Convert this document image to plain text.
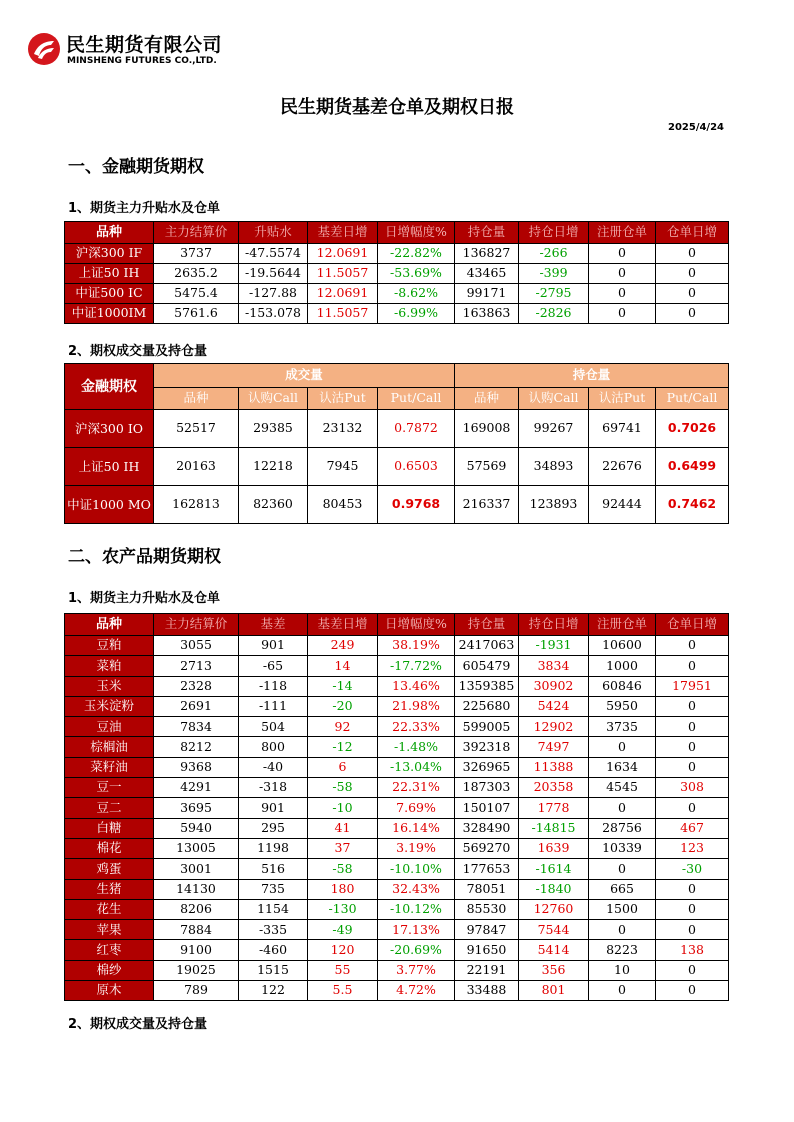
民生期货有限公司
MINSHENG FUTURES CO.,LTD.
民生期货基差仓单及期权日报
2025/4/24
一、金融期货期权
1、期货主力升贴水及仓单
品种	主力结算价	升贴水	基差日增	日增幅度%	持仓量	持仓日增	注册仓单	仓单日增
沪深300 IF	3737	-47.5574	12.0691	-22.82%	136827	-266	0	0
上证50 IH	2635.2	-19.5644	11.5057	-53.69%	43465	-399	0	0
中证500 IC	5475.4	-127.88	12.0691	-8.62%	99171	-2795	0	0
中证1000IM	5761.6	-153.078	11.5057	-6.99%	163863	-2826	0	0
2、期权成交量及持仓量
金融期权	成交量				持仓量			
	品种	认购Call	认沽Put	Put/Call	品种	认购Call	认沽Put	Put/Call
沪深300 IO	52517	29385	23132	0.7872	169008	99267	69741	0.7026
上证50 IH	20163	12218	7945	0.6503	57569	34893	22676	0.6499
中证1000 MO	162813	82360	80453	0.9768	216337	123893	92444	0.7462
二、农产品期货期权
1、期货主力升贴水及仓单
品种	主力结算价	基差	基差日增	日增幅度%	持仓量	持仓日增	注册仓单	仓单日增
豆粕	3055	901	249	38.19%	2417063	-1931	10600	0
菜粕	2713	-65	14	-17.72%	605479	3834	1000	0
玉米	2328	-118	-14	13.46%	1359385	30902	60846	17951
玉米淀粉	2691	-111	-20	21.98%	225680	5424	5950	0
豆油	7834	504	92	22.33%	599005	12902	3735	0
棕榈油	8212	800	-12	-1.48%	392318	7497	0	0
菜籽油	9368	-40	6	-13.04%	326965	11388	1634	0
豆一	4291	-318	-58	22.31%	187303	20358	4545	308
豆二	3695	901	-10	7.69%	150107	1778	0	0
白糖	5940	295	41	16.14%	328490	-14815	28756	467
棉花	13005	1198	37	3.19%	569270	1639	10339	123
鸡蛋	3001	516	-58	-10.10%	177653	-1614	0	-30
生猪	14130	735	180	32.43%	78051	-1840	665	0
花生	8206	1154	-130	-10.12%	85530	12760	1500	0
苹果	7884	-335	-49	17.13%	97847	7544	0	0
红枣	9100	-460	120	-20.69%	91650	5414	8223	138
棉纱	19025	1515	55	3.77%	22191	356	10	0
原木	789	122	5.5	4.72%	33488	801	0	0
2、期权成交量及持仓量
